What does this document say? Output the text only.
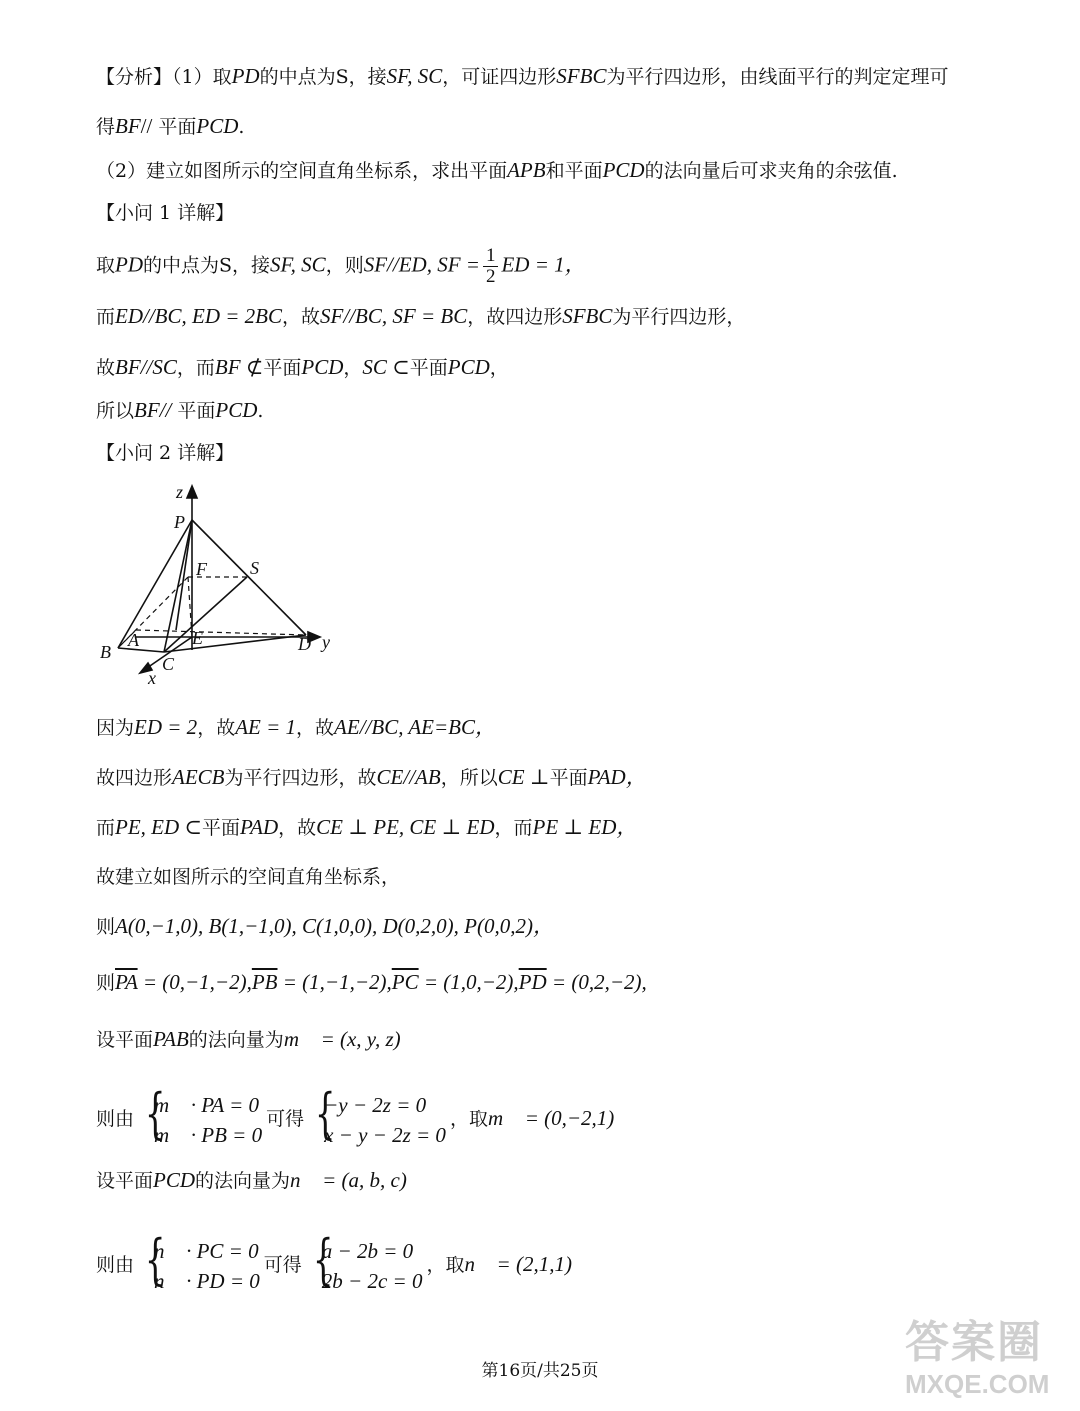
【分析】（1）取PD的中点为S，接SF, SC，可证四边形SFBC为平行四边形，由线面平行的判定定理可
得BF// 平面PCD.
（2）建立如图所示的空间直角坐标系，求出平面APB和平面PCD的法向量后可求夹角的余弦值.
【小问 1 详解】
取PD的中点为S，接SF, SC，则SF//ED, SF = $\frac{1}{2}$ ED = 1，
而ED//BC, ED = 2BC，故SF//BC, SF = BC，故四边形SFBC为平行四边形，
故BF//SC，而BF ⊄平面PCD，SC ⊂平面PCD，
所以BF// 平面PCD.
【小问 2 详解】
z
P
F S
A	E
B
C
D y
x
因为ED = 2，故AE = 1，故AE//BC, AE=BC，
故四边形AECB为平行四边形，故CE//AB，所以CE ⊥平面PAD，
而PE, ED ⊂平面PAD，故CE ⊥ PE, CE ⊥ ED，而PE ⊥ ED，
故建立如图所示的空间直角坐标系，
则A(0,−1,0), B(1,−1,0), C(1,0,0), D(0,2,0), P(0,0,2)，
则$\overline{PA} = (0,-1,-2),\overline{PB} = (1,-1,-2),\overline{PC} = (1,0,-2),\overline{PD} = (0,2,-2)$,
设平面PAB的法向量为m⃗ = (x, y, z)，
则由 {
m⃗ · PA = 0
m⃗ · PB = 0
可得 {
−y − 2z = 0
x − y − 2z = 0
，取m⃗ = (0,−2,1)，
设平面PCD的法向量为n⃗ = (a, b, c)，
则由 {
n⃗ · PC = 0
n⃗ · PD = 0
可得 {
a − 2b = 0
2b − 2c = 0
，取n⃗ = (2,1,1)，
第16页/共25页
答案圈
MXQE.COM
